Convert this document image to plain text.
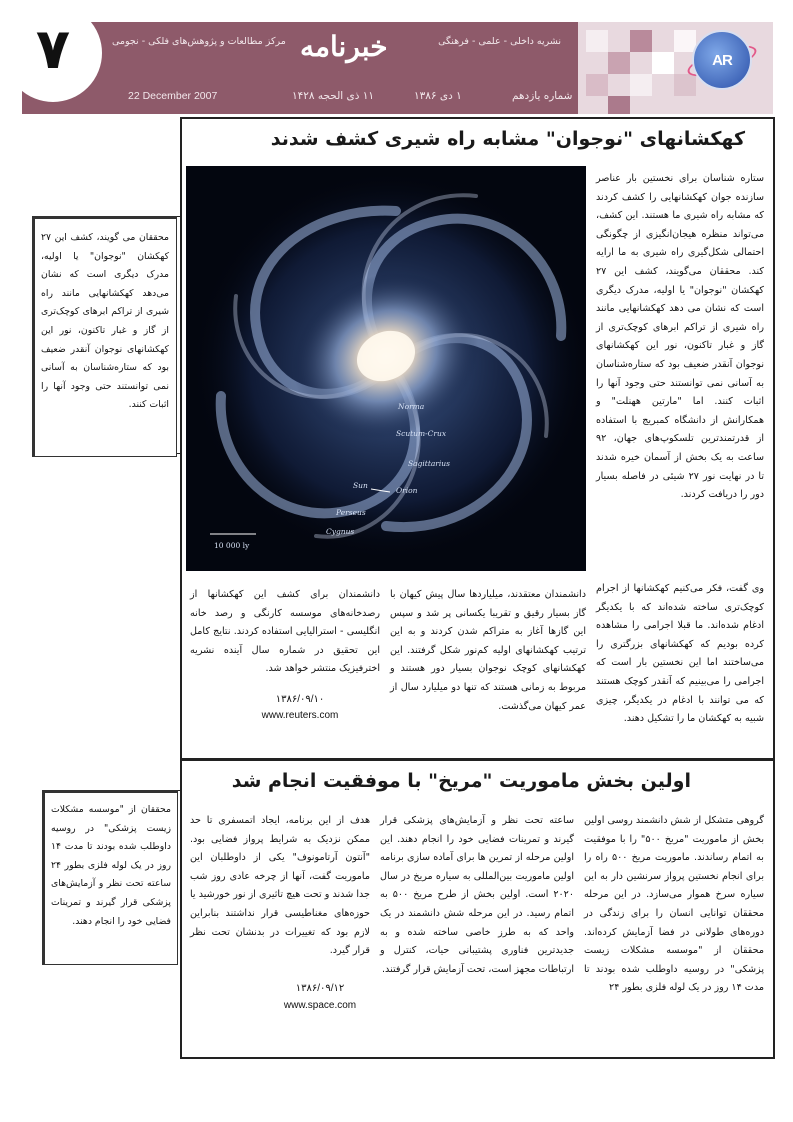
۷	مرکز مطالعات و پژوهش‌های فلکی - نجومی خبرنامه	نشریه داخلی - علمی - فرهنگی
شماره یازدهم
۱ دی ۱۳۸۶
۱۱ ذی الحجه ۱۴۲۸
22 December 2007
AR
کهکشانهای "نوجوان" مشابه راه شیری کشف شدند
Norma
Scutum-Crux
Sagittarius
Sun
Orion
Perseus
Cygnus
10 000 ly

ستاره شناسان برای نخستین بار عناصر سازنده جوان کهکشانهایی را کشف کردند که مشابه راه شیری ما هستند. این کشف، می‌تواند منظره هیجان‌انگیزی از چگونگی احتمالی شکل‌گیری راه شیری به ما ارایه کند. محققان می‌گویند، کشف این ۲۷ کهکشان "نوجوان" یا اولیه، مدرک دیگری است که نشان می دهد کهکشانهایی مانند راه شیری از تراکم ابرهای کوچک‌تری از گاز و غبار تاکنون، نور این کهکشانهای نوجوان آنقدر ضعیف بود که ستاره‌شناسان به آسانی نمی توانستند حتی وجود آنها را اثبات کنند. اما "مارتین ههنلت" و همکارانش از دانشگاه کمبریج با استفاده از قدرتمندترین تلسکوپ‌های جهان، ۹۲ ساعت به یک بخش از آسمان خیره شدند تا در نهایت نور ۲۷ شیئی در فاصله بسیار دور را دریافت کردند.

وی گفت، فکر می‌کنیم کهکشانها از اجرام کوچک‌تری ساخته شده‌اند که با یکدیگر ادغام شده‌اند. ما قبلا اجرامی را مشاهده کرده بودیم که کهکشانهای بزرگتری را می‌ساختند اما این نخستین بار است که اجرامی را می‌بینیم که آنقدر کوچک هستند که می توانند با ادغام در یکدیگر، چیزی شبیه به کهکشان ما را تشکیل دهند.

دانشمندان معتقدند، میلیاردها سال پیش کیهان با گاز بسیار رقیق و تقریبا یکسانی پر شد و سپس این گازها آغاز به متراکم شدن کردند و به این ترتیب کهکشانهای اولیه کم‌نور شکل گرفتند. این کهکشانهای کوچک نوجوان بسیار دور هستند و مربوط به زمانی هستند که تنها دو میلیارد سال از عمر کیهان می‌گذشت.

دانشمندان برای کشف این کهکشانها از رصدخانه‌های موسسه کارنگی و رصد خانه انگلیسی - استرالیایی استفاده کردند. نتایج کامل این تحقیق در شماره سال آینده نشریه اخترفیزیک منتشر خواهد شد.

۱۳۸۶/۰۹/۱۰
www.reuters.com
محققان می گویند، کشف این ۲۷ کهکشان "نوجوان" یا اولیه، مدرک دیگری است که نشان می‌دهد کهکشانهایی مانند راه شیری از تراکم ابرهای کوچک‌تری از گاز و غبار تاکنون، نور این کهکشانهای نوجوان آنقدر ضعیف بود که ستاره‌شناسان به آسانی نمی توانستند حتی وجود آنها را اثبات کنند.
اولین بخش ماموریت "مریخ" با موفقیت انجام شد

گروهی متشکل از شش دانشمند روسی اولین بخش از ماموریت "مریخ ۵۰۰" را با موفقیت به اتمام رساندند. ماموریت مریخ ۵۰۰ راه را برای انجام نخستین پرواز سرنشین دار به این سیاره سرخ هموار می‌سازد. در این مرحله محققان توانایی انسان را برای زندگی در دوره‌های طولانی در فضا آزمایش کرده‌اند. محققان از "موسسه مشکلات زیست پزشکی" در روسیه داوطلب شده بودند تا مدت ۱۴ روز در یک لوله فلزی بطور ۲۴

ساعته تحت نظر و آزمایش‌های پزشکی قرار گیرند و تمرینات فضایی خود را انجام دهند. این اولین مرحله از تمرین ها برای آماده سازی برنامه اولین ماموریت بین‌المللی به سیاره مریخ در سال ۲۰۲۰ است. اولین بخش از طرح مریخ ۵۰۰ به اتمام رسید. در این مرحله شش دانشمند در یک واحد که به طرز خاصی ساخته شده و به جدیدترین فناوری پشتیبانی حیات، کنترل و ارتباطات مجهز است، تحت آزمایش قرار گرفتند.

هدف از این برنامه، ایجاد اتمسفری تا حد ممکن نزدیک به شرایط پرواز فضایی بود. "آنتون آرتامونوف" یکی از داوطلبان این ماموریت گفت، آنها از چرخه عادی روز شب جدا شدند و تحت هیچ تاثیری از نور خورشید یا حوزه‌های مغناطیسی قرار نداشتند بنابراین لازم بود که تغییرات در بدنشان تحت نظر قرار گیرد.

۱۳۸۶/۰۹/۱۲
www.space.com
محققان از "موسسه مشکلات زیست پزشکی" در روسیه داوطلب شده بودند تا مدت ۱۴ روز در یک لوله فلزی بطور ۲۴ ساعته تحت نظر و آزمایش‌های پزشکی قرار گیرند و تمرینات فضایی خود را انجام دهند.
